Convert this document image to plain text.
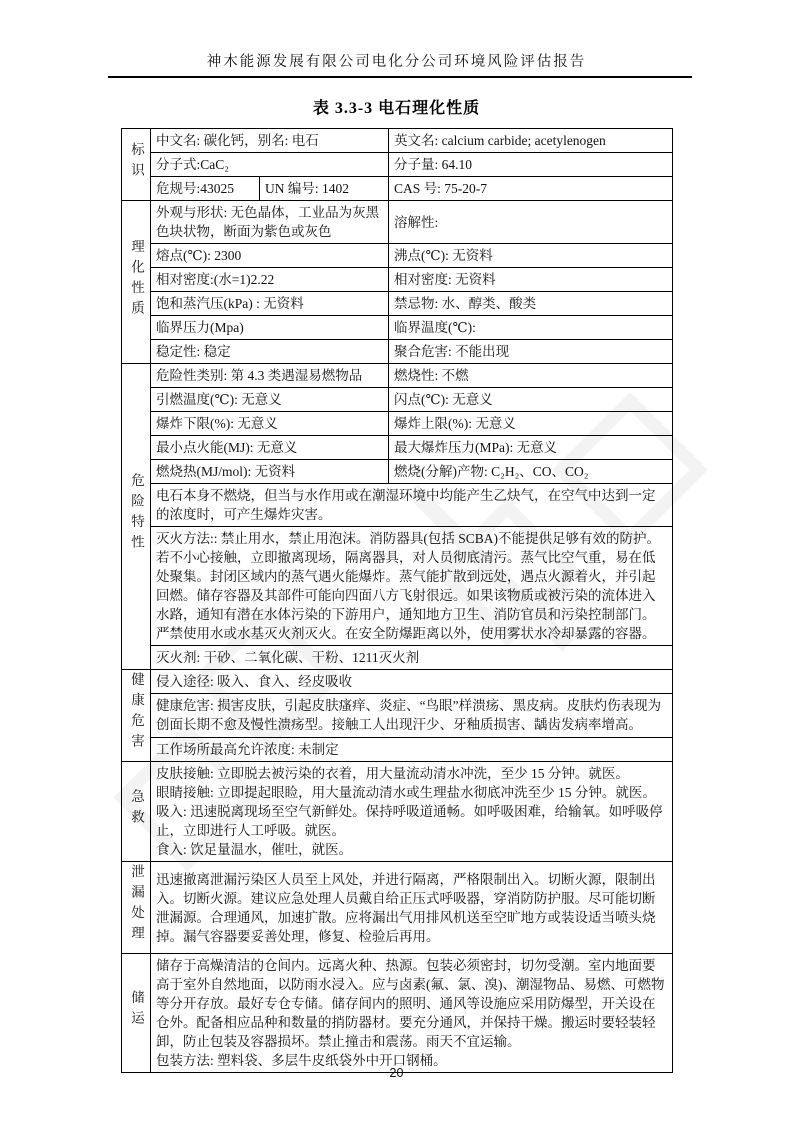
神木能源发展有限公司电化分公司环境风险评估报告
表 3.3-3 电石理化性质
标识	中文名: 碳化钙，别名: 电石		英文名: calcium carbide; acetylenogen
	分子式:CaC₂		分子量: 64.10
	危规号:43025	UN 编号: 1402	CAS 号: 75-20-7
理化性质	外观与形状: 无色晶体，工业品为灰黑色块状物，断面为紫色或灰色		溶解性:
	熔点(℃): 2300		沸点(℃): 无资料
	相对密度:(水=1)2.22		相对密度: 无资料
	饱和蒸汽压(kPa) : 无资料		禁忌物: 水、醇类、酸类
	临界压力(Mpa)		临界温度(℃):
	稳定性: 稳定		聚合危害: 不能出现
危险特性	危险性类别: 第 4.3 类遇湿易燃物品		燃烧性: 不燃
	引燃温度(℃): 无意义		闪点(℃): 无意义
	爆炸下限(%): 无意义		爆炸上限(%): 无意义
	最小点火能(MJ): 无意义		最大爆炸压力(MPa): 无意义
	燃烧热(MJ/mol): 无资料		燃烧(分解)产物: C₂H₂、CO、CO₂
	电石本身不燃烧，但当与水作用或在潮湿环境中均能产生乙炔气，在空气中达到一定的浓度时，可产生爆炸灾害。		
	灭火方法:: 禁止用水，禁止用泡沫。消防器具(包括 SCBA)不能提供足够有效的防护。若不小心接触，立即撤离现场，隔离器具，对人员彻底清污。蒸气比空气重，易在低处聚集。封闭区域内的蒸气遇火能爆炸。蒸气能扩散到远处，遇点火源着火，并引起回燃。储存容器及其部件可能向四面八方飞射很远。如果该物质或被污染的流体进入水路，通知有潜在水体污染的下游用户，通知地方卫生、消防官员和污染控制部门。严禁使用水或水基灭火剂灭火。在安全防爆距离以外，使用雾状水冷却暴露的容器。		
	灭火剂: 干砂、二氧化碳、干粉、1211灭火剂		
健康危害	侵入途径: 吸入、食入、经皮吸收		
	健康危害: 损害皮肤，引起皮肤瘙痒、炎症、“鸟眼”样溃疡、黑皮病。皮肤灼伤表现为创面长期不愈及慢性溃疡型。接触工人出现汗少、牙釉质损害、龋齿发病率增高。		
	工作场所最高允许浓度: 未制定		
急救	皮肤接触: 立即脱去被污染的衣着，用大量流动清水冲洗，至少 15 分钟。就医。
眼睛接触: 立即提起眼睑，用大量流动清水或生理盐水彻底冲洗至少 15 分钟。就医。
吸入: 迅速脱离现场至空气新鲜处。保持呼吸道通畅。如呼吸困难，给输氧。如呼吸停止，立即进行人工呼吸。就医。
食入: 饮足量温水，催吐，就医。		

泄漏处理	迅速撤离泄漏污染区人员至上风处，并进行隔离，严格限制出入。切断火源，限制出入。切断火源。建议应急处理人员戴自给正压式呼吸器，穿消防防护服。尽可能切断泄漏源。合理通风，加速扩散。应将漏出气用排风机送至空旷地方或装设适当喷头烧掉。漏气容器要妥善处理，修复、检验后再用。		
储运	储存于高燥清洁的仓间内。远离火种、热源。包装必须密封，切勿受潮。室内地面要高于室外自然地面，以防雨水浸入。应与卤素(氟、氯、溴)、潮湿物品、易燃、可燃物等分开存放。最好专仓专储。储存间内的照明、通风等设施应采用防爆型，开关设在仓外。配备相应品种和数量的捎防器材。要充分通风，并保持干燥。搬运时要轻装轻卸，防止包装及容器损坏。禁止撞击和震荡。雨天不宜运输。
包装方法: 塑料袋、多层牛皮纸袋外中开口钢桶。		
20
